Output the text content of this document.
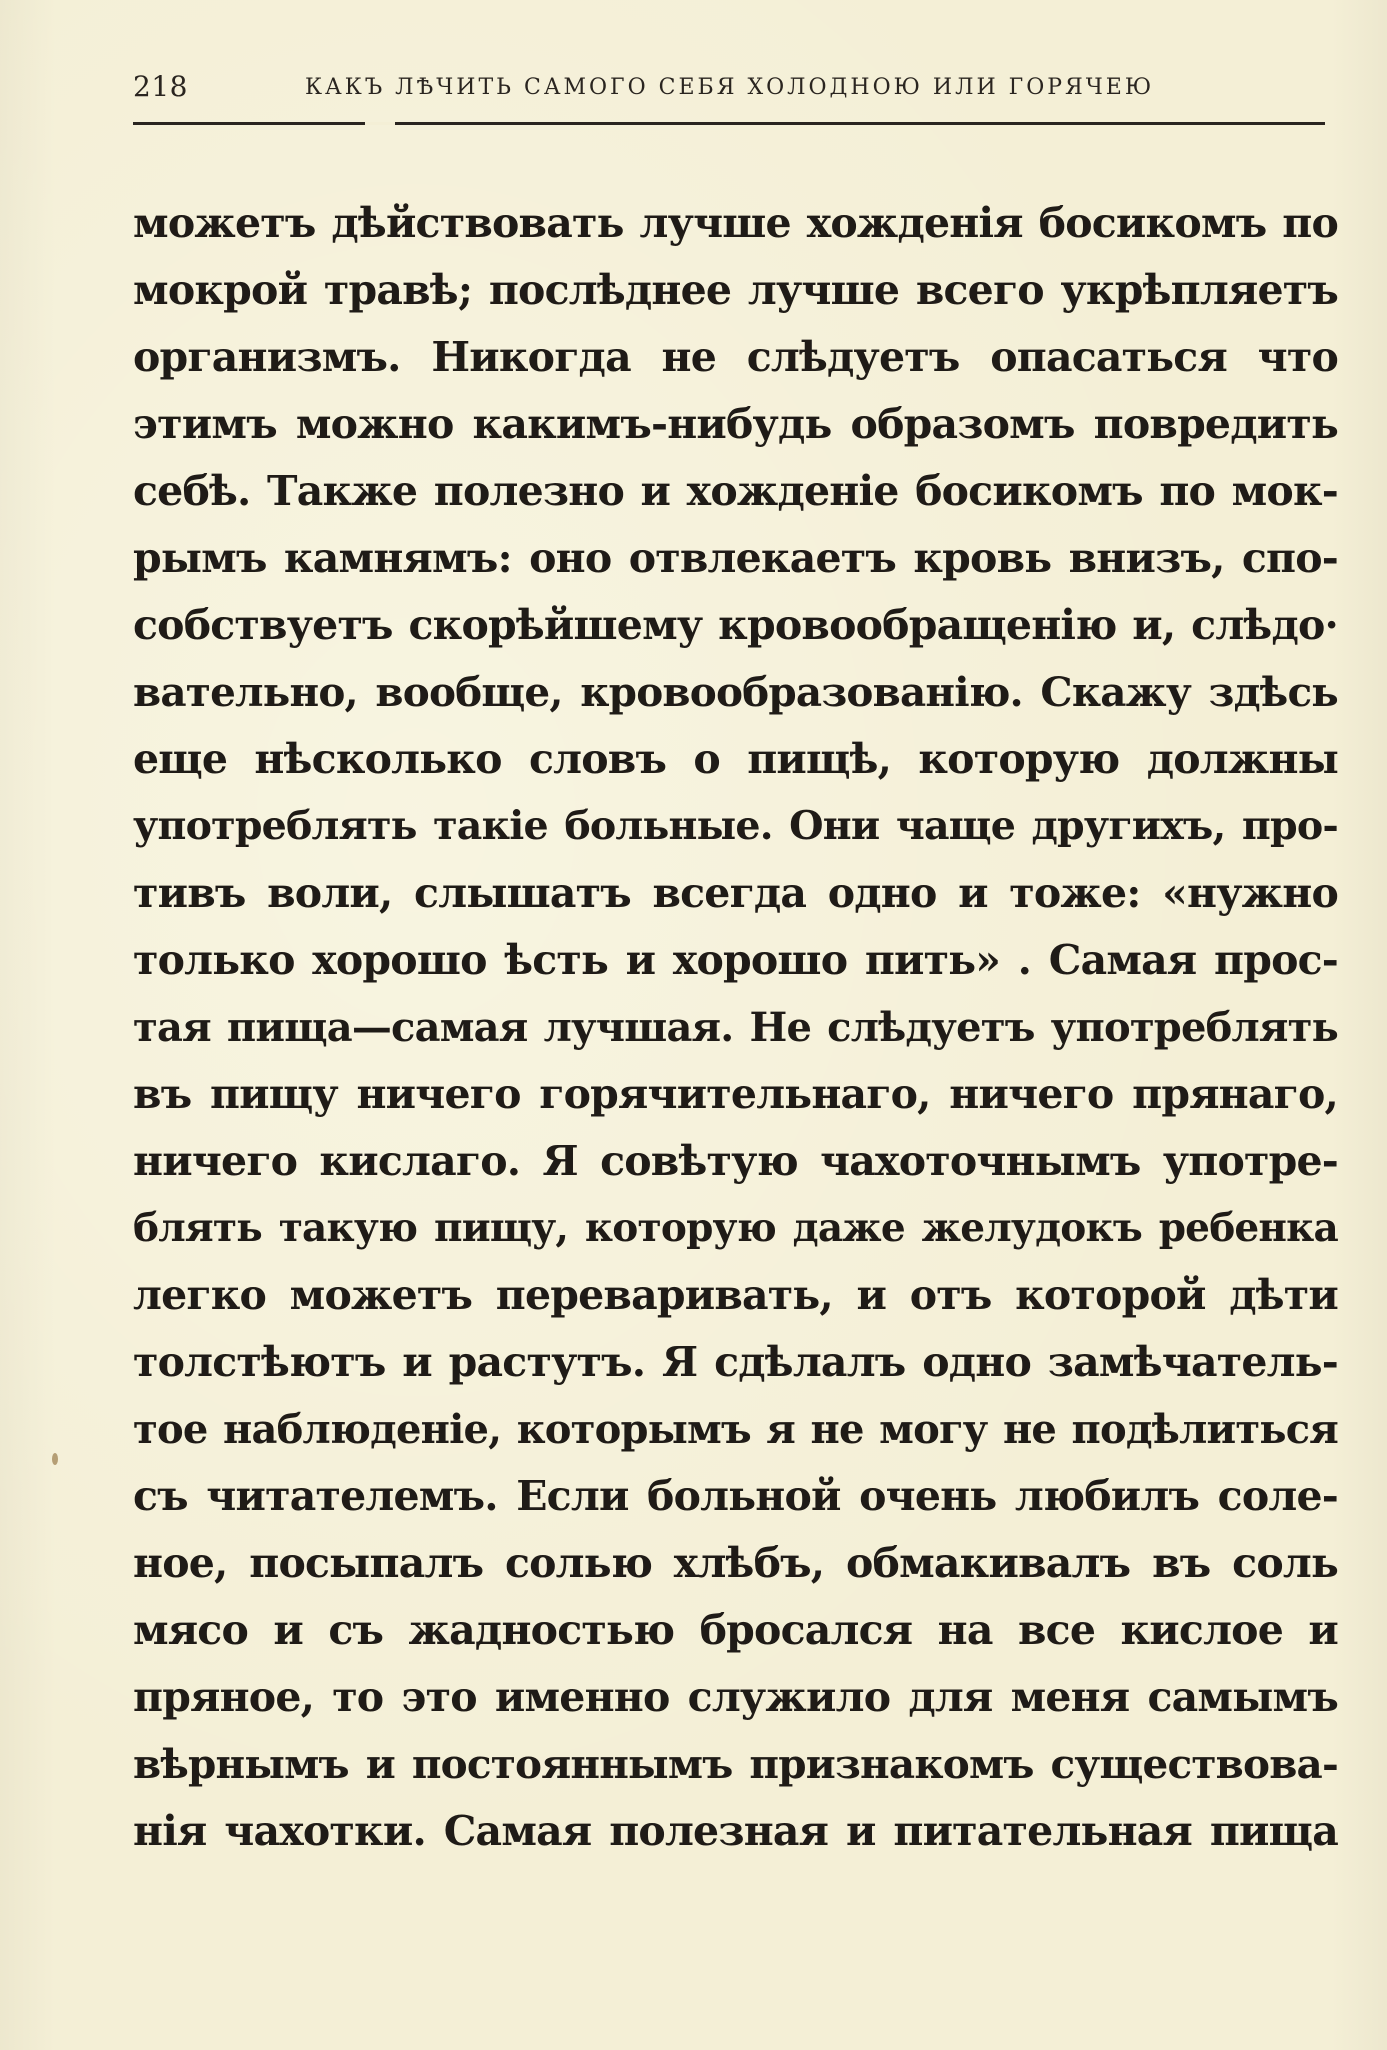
218	КАКЪ ЛѢЧИТЬ САМОГО СЕБЯ ХОЛОДНОЮ ИЛИ ГОРЯЧЕЮ
можетъ дѣйствовать лучше хожденія босикомъ по
мокрой травѣ; послѣднее лучше всего укрѣпляетъ
организмъ. Никогда не слѣдуетъ опасаться что
этимъ можно какимъ-нибудь образомъ повредить
себѣ. Также полезно и хожденіе босикомъ по мок-
рымъ камнямъ: оно отвлекаетъ кровь внизъ, спо-
собствуетъ скорѣйшему кровообращенію и, слѣдо·
вательно, вообще, кровообразованію. Скажу здѣсь
еще нѣсколько словъ о пищѣ, которую должны
употреблять такіе больные. Они чаще другихъ, про-
тивъ воли, слышатъ всегда одно и тоже: «нужно
только хорошо ѣсть и хорошо пить» . Самая прос-
тая пища—самая лучшая. Не слѣдуетъ употреблять
въ пищу ничего горячительнаго, ничего прянаго,
ничего кислаго. Я совѣтую чахоточнымъ употре-
блять такую пищу, которую даже желудокъ ребенка
легко можетъ переваривать, и отъ которой дѣти
толстѣютъ и растутъ. Я сдѣлалъ одно замѣчатель-
тое наблюденіе, которымъ я не могу не подѣлиться
съ читателемъ. Если больной очень любилъ соле-
ное, посыпалъ солью хлѣбъ, обмакивалъ въ соль
мясо и съ жадностью бросался на все кислое и
пряное, то это именно служило для меня самымъ
вѣрнымъ и постояннымъ признакомъ существова-
нія чахотки. Самая полезная и питательная пища
